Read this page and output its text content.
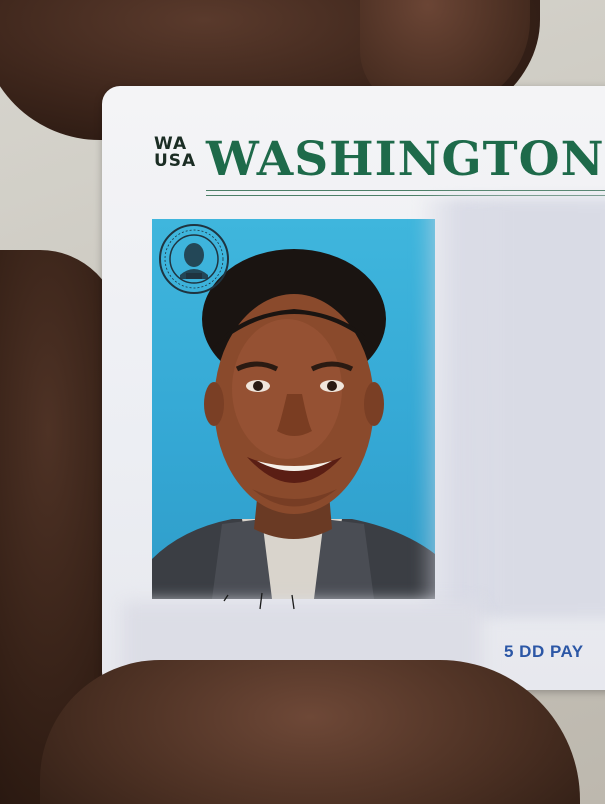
WA
USA WASHINGTON
5 DD PAY
